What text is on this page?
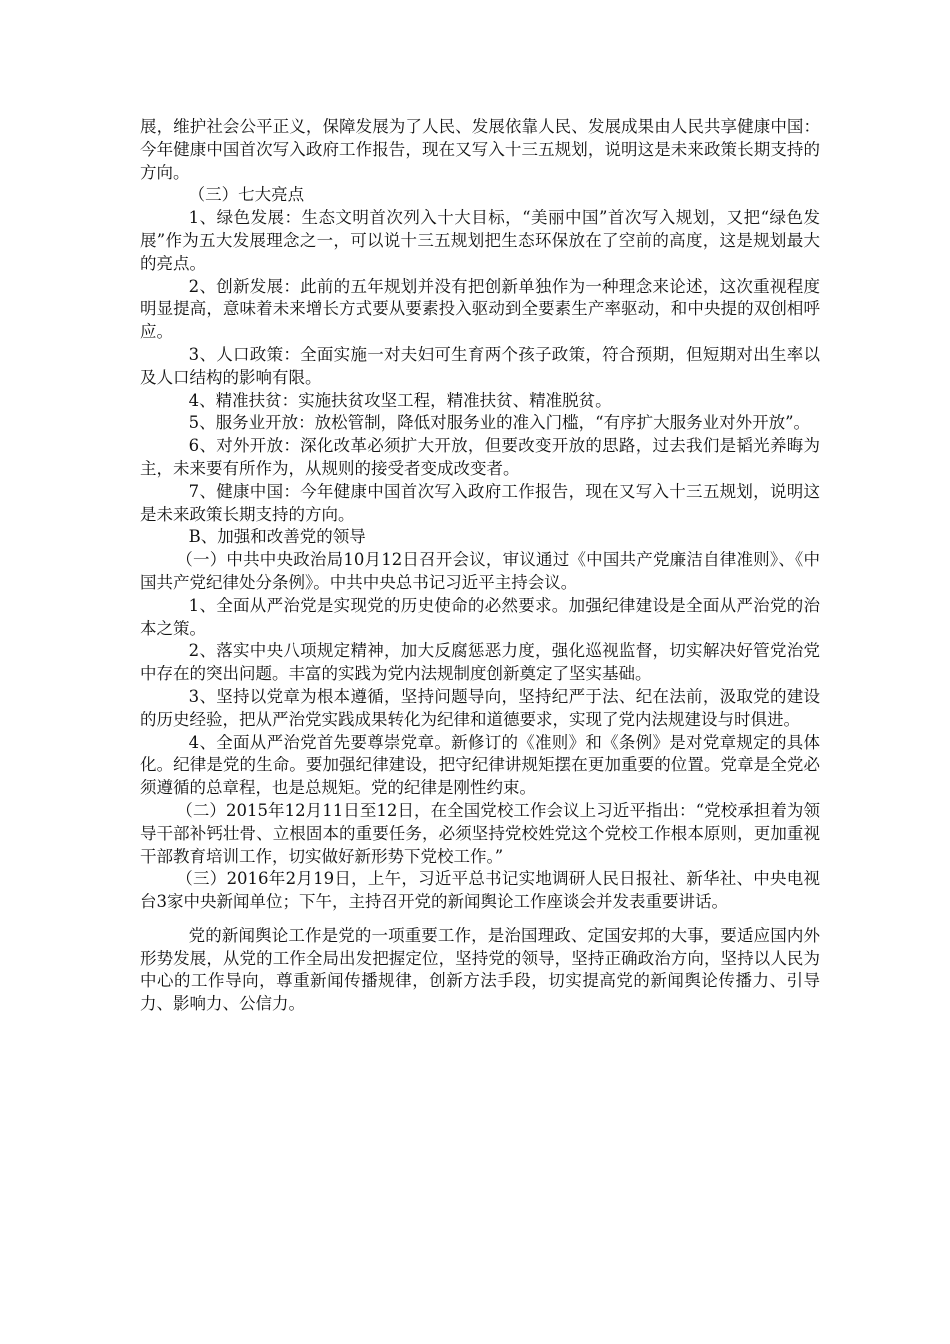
展，维护社会公平正义，保障发展为了人民、发展依靠人民、发展成果由人民共享健康中国：今年健康中国首次写入政府工作报告，现在又写入十三五规划，说明这是未来政策长期支持的方向。

（三）七大亮点

1、绿色发展：生态文明首次列入十大目标，“美丽中国”首次写入规划，又把“绿色发展”作为五大发展理念之一，可以说十三五规划把生态环保放在了空前的高度，这是规划最大的亮点。

2、创新发展：此前的五年规划并没有把创新单独作为一种理念来论述，这次重视程度明显提高，意味着未来增长方式要从要素投入驱动到全要素生产率驱动，和中央提的双创相呼应。

3、人口政策：全面实施一对夫妇可生育两个孩子政策，符合预期，但短期对出生率以及人口结构的影响有限。

4、精准扶贫：实施扶贫攻坚工程，精准扶贫、精准脱贫。

5、服务业开放：放松管制，降低对服务业的准入门槛，“有序扩大服务业对外开放”。

6、对外开放：深化改革必须扩大开放，但要改变开放的思路，过去我们是韬光养晦为主，未来要有所作为，从规则的接受者变成改变者。

7、健康中国：今年健康中国首次写入政府工作报告，现在又写入十三五规划，说明这是未来政策长期支持的方向。

B、加强和改善党的领导

（一）中共中央政治局10月12日召开会议，审议通过《中国共产党廉洁自律准则》、《中国共产党纪律处分条例》。中共中央总书记习近平主持会议。

1、全面从严治党是实现党的历史使命的必然要求。加强纪律建设是全面从严治党的治本之策。

2、落实中央八项规定精神，加大反腐惩恶力度，强化巡视监督，切实解决好管党治党中存在的突出问题。丰富的实践为党内法规制度创新奠定了坚实基础。

3、坚持以党章为根本遵循，坚持问题导向，坚持纪严于法、纪在法前，汲取党的建设的历史经验，把从严治党实践成果转化为纪律和道德要求，实现了党内法规建设与时俱进。

4、全面从严治党首先要尊崇党章。新修订的《准则》和《条例》是对党章规定的具体化。纪律是党的生命。要加强纪律建设，把守纪律讲规矩摆在更加重要的位置。党章是全党必须遵循的总章程，也是总规矩。党的纪律是刚性约束。

（二）2015年12月11日至12日，在全国党校工作会议上习近平指出：“党校承担着为领导干部补钙壮骨、立根固本的重要任务，必须坚持党校姓党这个党校工作根本原则，更加重视干部教育培训工作，切实做好新形势下党校工作。”

（三）2016年2月19日，上午，习近平总书记实地调研人民日报社、新华社、中央电视台3家中央新闻单位；下午，主持召开党的新闻舆论工作座谈会并发表重要讲话。

党的新闻舆论工作是党的一项重要工作，是治国理政、定国安邦的大事，要适应国内外形势发展，从党的工作全局出发把握定位，坚持党的领导，坚持正确政治方向，坚持以人民为中心的工作导向，尊重新闻传播规律，创新方法手段，切实提高党的新闻舆论传播力、引导力、影响力、公信力。
